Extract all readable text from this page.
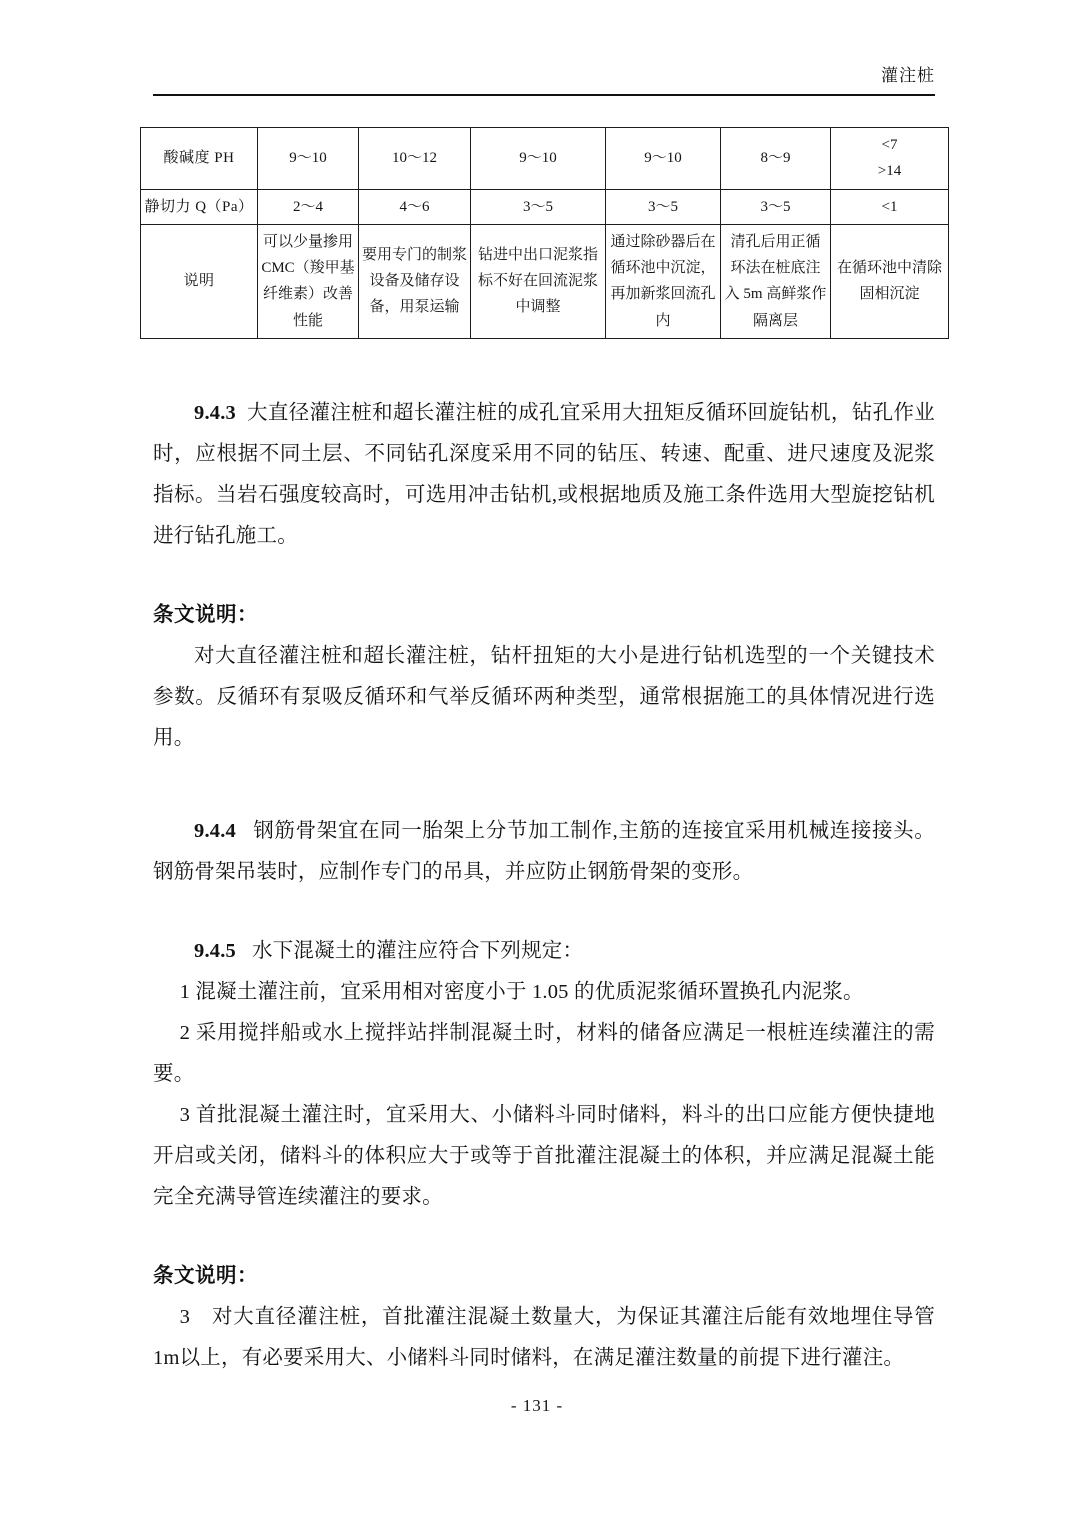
灌注桩
酸碱度 PH	9～10	10～12	9～10	9～10	8～9	<7
>14

静切力 Q（Pa）	2～4	4～6	3～5	3～5	3～5	<1
说明	可以少量掺用CMC（羧甲基纤维素）改善性能	要用专门的制浆设备及储存设备，用泵运输	钻进中出口泥浆指标不好在回流泥浆中调整	通过除砂器后在循环池中沉淀，再加新浆回流孔内	清孔后用正循环法在桩底注入 5m 高鲜浆作隔离层	在循环池中清除固相沉淀

9.4.3 大直径灌注桩和超长灌注桩的成孔宜采用大扭矩反循环回旋钻机，钻孔作业时，应根据不同土层、不同钻孔深度采用不同的钻压、转速、配重、进尺速度及泥浆指标。当岩石强度较高时，可选用冲击钻机,或根据地质及施工条件选用大型旋挖钻机进行钻孔施工。

条文说明：

对大直径灌注桩和超长灌注桩，钻杆扭矩的大小是进行钻机选型的一个关键技术参数。反循环有泵吸反循环和气举反循环两种类型，通常根据施工的具体情况进行选用。

9.4.4 钢筋骨架宜在同一胎架上分节加工制作,主筋的连接宜采用机械连接接头。钢筋骨架吊装时，应制作专门的吊具，并应防止钢筋骨架的变形。

9.4.5 水下混凝土的灌注应符合下列规定：

1 混凝土灌注前，宜采用相对密度小于 1.05 的优质泥浆循环置换孔内泥浆。

2 采用搅拌船或水上搅拌站拌制混凝土时，材料的储备应满足一根桩连续灌注的需要。

3 首批混凝土灌注时，宜采用大、小储料斗同时储料，料斗的出口应能方便快捷地开启或关闭，储料斗的体积应大于或等于首批灌注混凝土的体积，并应满足混凝土能完全充满导管连续灌注的要求。

条文说明：

3　对大直径灌注桩，首批灌注混凝土数量大，为保证其灌注后能有效地埋住导管1m以上，有必要采用大、小储料斗同时储料，在满足灌注数量的前提下进行灌注。

- 131 -
